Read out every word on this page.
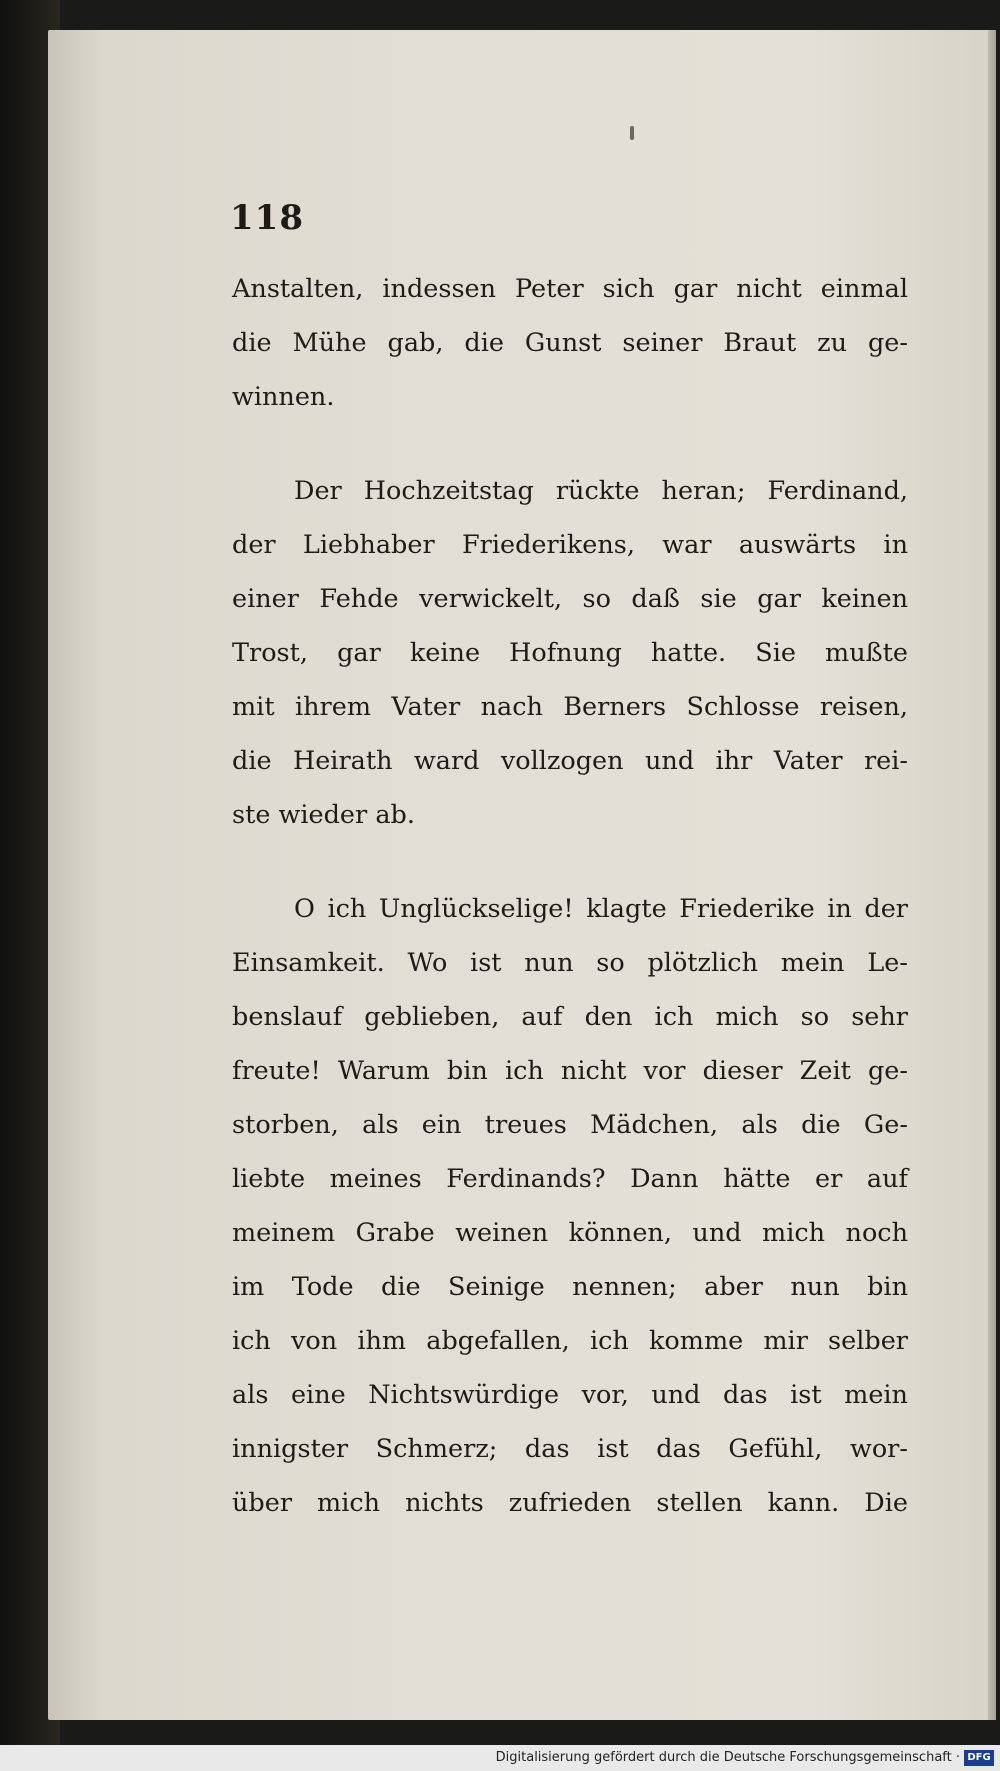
118
Anstalten, indessen Peter sich gar nicht einmal
die Mühe gab, die Gunst seiner Braut zu ge-
winnen.
Der Hochzeitstag rückte heran; Ferdinand,
der Liebhaber Friederikens, war auswärts in
einer Fehde verwickelt, so daß sie gar keinen
Trost, gar keine Hofnung hatte. Sie mußte
mit ihrem Vater nach Berners Schlosse reisen,
die Heirath ward vollzogen und ihr Vater rei-
ste wieder ab.
O ich Unglückselige! klagte Friederike in der
Einsamkeit. Wo ist nun so plötzlich mein Le-
benslauf geblieben, auf den ich mich so sehr
freute! Warum bin ich nicht vor dieser Zeit ge-
storben, als ein treues Mädchen, als die Ge-
liebte meines Ferdinands? Dann hätte er auf
meinem Grabe weinen können, und mich noch
im Tode die Seinige nennen; aber nun bin
ich von ihm abgefallen, ich komme mir selber
als eine Nichtswürdige vor, und das ist mein
innigster Schmerz; das ist das Gefühl, wor-
über mich nichts zufrieden stellen kann. Die
Digitalisierung gefördert durch die Deutsche Forschungsgemeinschaft · DFG
